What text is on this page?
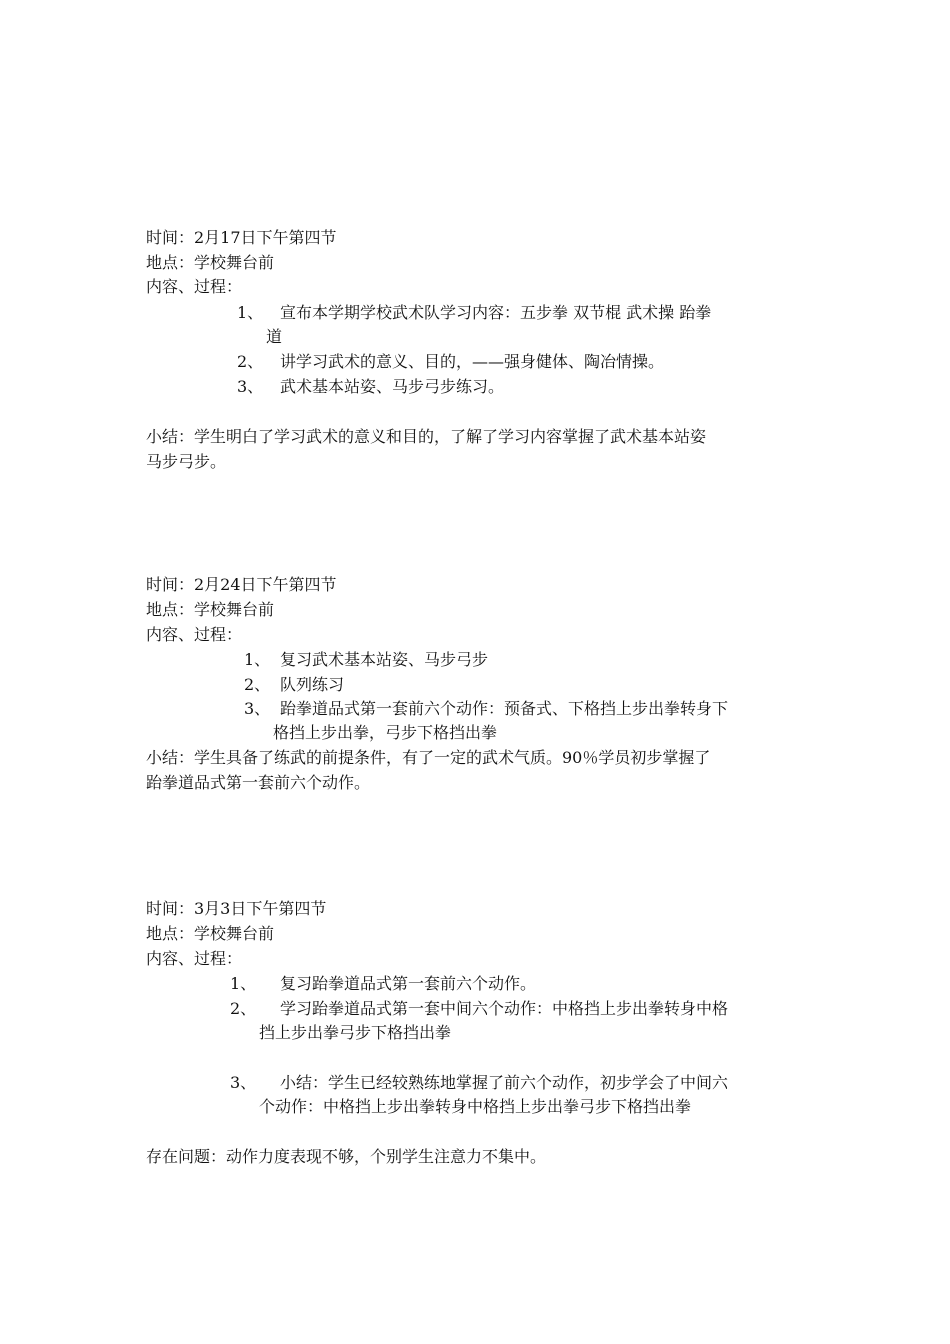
时间：2月17日下午第四节
地点：学校舞台前
内容、过程：
1、 宣布本学期学校武术队学习内容：五步拳 双节棍 武术操 跆拳
道
2、 讲学习武术的意义、目的，——强身健体、陶冶情操。
3、 武术基本站姿、马步弓步练习。
小结：学生明白了学习武术的意义和目的，了解了学习内容掌握了武术基本站姿
马步弓步。
时间：2月24日下午第四节
地点：学校舞台前
内容、过程：
1、 复习武术基本站姿、马步弓步
2、 队列练习
3、 跆拳道品式第一套前六个动作：预备式、下格挡上步出拳转身下
格挡上步出拳，弓步下格挡出拳
小结：学生具备了练武的前提条件，有了一定的武术气质。90％学员初步掌握了
跆拳道品式第一套前六个动作。
时间：3月3日下午第四节
地点：学校舞台前
内容、过程：
1、 复习跆拳道品式第一套前六个动作。
2、 学习跆拳道品式第一套中间六个动作：中格挡上步出拳转身中格
挡上步出拳弓步下格挡出拳
3、 小结：学生已经较熟练地掌握了前六个动作，初步学会了中间六
个动作：中格挡上步出拳转身中格挡上步出拳弓步下格挡出拳
存在问题：动作力度表现不够，个别学生注意力不集中。
